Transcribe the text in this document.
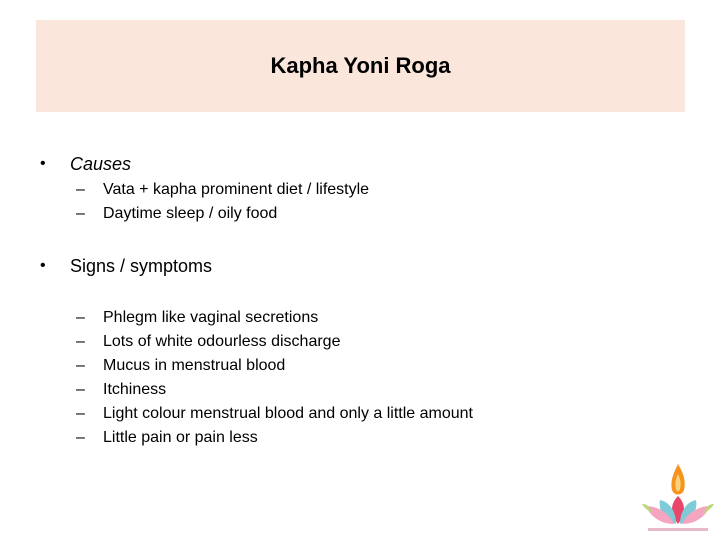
Kapha Yoni Roga
• Causes
– Vata + kapha prominent diet / lifestyle
– Daytime sleep / oily food
• Signs / symptoms
– Phlegm like vaginal secretions
– Lots of white odourless discharge
– Mucus in menstrual blood
– Itchiness
– Light colour menstrual blood and only a little amount
– Little pain or pain less
